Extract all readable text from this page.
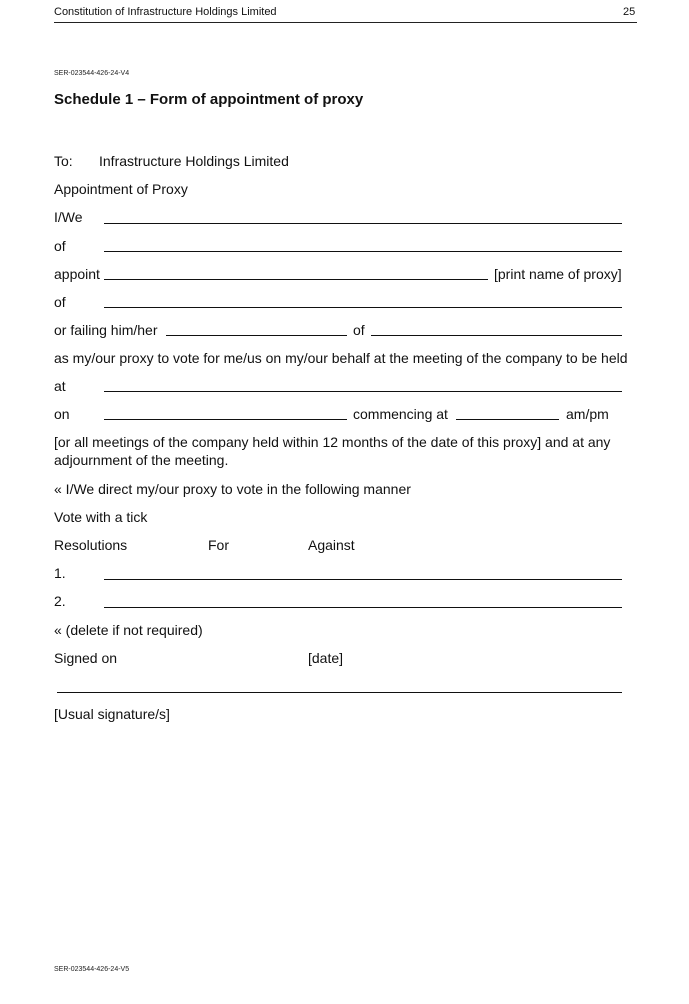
Constitution of Infrastructure Holdings Limited	25
SER-023544-426-24-V4
Schedule 1 – Form of appointment of proxy
To: Infrastructure Holdings Limited
Appointment of Proxy
I/We
of
appoint	[print name of proxy]
of
or failing him/her	of
as my/our proxy to vote for me/us on my/our behalf at the meeting of the company to be held
at
on	commencing at	am/pm
[or all meetings of the company held within 12 months of the date of this proxy] and at any
adjournment of the meeting.
« I/We direct my/our proxy to vote in the following manner
Vote with a tick
Resolutions	For	Against
1.
2.
« (delete if not required)
Signed on	[date]
[Usual signature/s]
SER-023544-426-24-V5
